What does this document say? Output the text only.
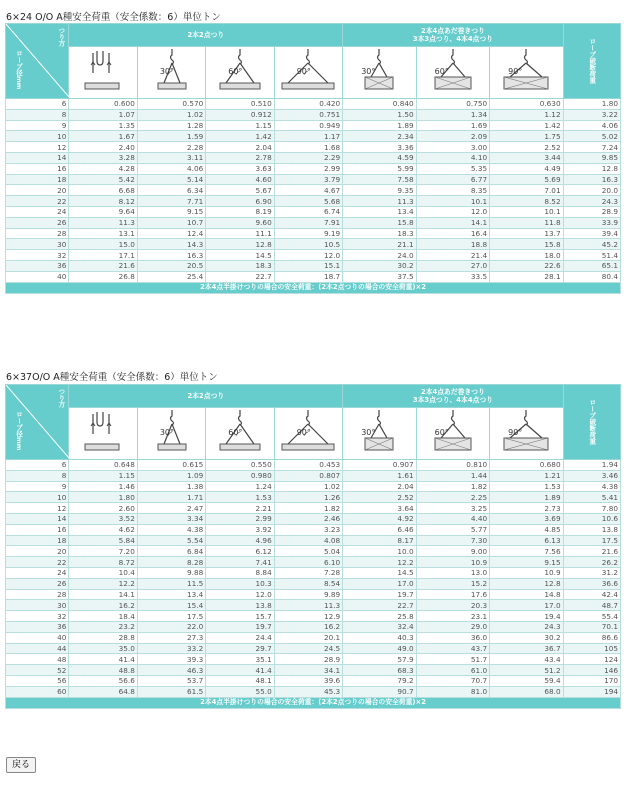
6×24 O/O A種安全荷重（安全係数：6）単位トン
つり方
ロープ径mm	2本2点つり				2本4点あだ巻きつり
3本3点つり、4本4点つり			ロープ破断荷重

30°	60°	90°	30°	60°	90°	

6	0.600	0.570	0.510	0.420	0.840	0.750	0.630	1.80
8	1.07	1.02	0.912	0.751	1.50	1.34	1.12	3.22
9	1.35	1.28	1.15	0.949	1.89	1.69	1.42	4.06
10	1.67	1.59	1.42	1.17	2.34	2.09	1.75	5.02
12	2.40	2.28	2.04	1.68	3.36	3.00	2.52	7.24
14	3.28	3.11	2.78	2.29	4.59	4.10	3.44	9.85
16	4.28	4.06	3.63	2.99	5.99	5.35	4.49	12.8
18	5.42	5.14	4.60	3.79	7.58	6.77	5.69	16.3
20	6.68	6.34	5.67	4.67	9.35	8.35	7.01	20.0
22	8.12	7.71	6.90	5.68	11.3	10.1	8.52	24.3
24	9.64	9.15	8.19	6.74	13.4	12.0	10.1	28.9
26	11.3	10.7	9.60	7.91	15.8	14.1	11.8	33.9
28	13.1	12.4	11.1	9.19	18.3	16.4	13.7	39.4
30	15.0	14.3	12.8	10.5	21.1	18.8	15.8	45.2
32	17.1	16.3	14.5	12.0	24.0	21.4	18.0	51.4
36	21.6	20.5	18.3	15.1	30.2	27.0	22.6	65.1
40	26.8	25.4	22.7	18.7	37.5	33.5	28.1	80.4
2本4点半掛けつりの場合の安全荷重：(2本2点つりの場合の安全荷重)×2								
6×37O/O A種安全荷重（安全係数：6）単位トン
つり方
ロープ径mm	2本2点つり				2本4点あだ巻きつり
3本3点つり、4本4点つり			ロープ破断荷重

30°	60°	90°	30°	60°	90°	

6	0.648	0.615	0.550	0.453	0.907	0.810	0.680	1.94
8	1.15	1.09	0.980	0.807	1.61	1.44	1.21	3.46
9	1.46	1.38	1.24	1.02	2.04	1.82	1.53	4.38
10	1.80	1.71	1.53	1.26	2.52	2.25	1.89	5.41
12	2.60	2.47	2.21	1.82	3.64	3.25	2.73	7.80
14	3.52	3.34	2.99	2.46	4.92	4.40	3.69	10.6
16	4.62	4.38	3.92	3.23	6.46	5.77	4.85	13.8
18	5.84	5.54	4.96	4.08	8.17	7.30	6.13	17.5
20	7.20	6.84	6.12	5.04	10.0	9.00	7.56	21.6
22	8.72	8.28	7.41	6.10	12.2	10.9	9.15	26.2
24	10.4	9.88	8.84	7.28	14.5	13.0	10.9	31.2
26	12.2	11.5	10.3	8.54	17.0	15.2	12.8	36.6
28	14.1	13.4	12.0	9.89	19.7	17.6	14.8	42.4
30	16.2	15.4	13.8	11.3	22.7	20.3	17.0	48.7
32	18.4	17.5	15.7	12.9	25.8	23.1	19.4	55.4
36	23.2	22.0	19.7	16.2	32.4	29.0	24.3	70.1
40	28.8	27.3	24.4	20.1	40.3	36.0	30.2	86.6
44	35.0	33.2	29.7	24.5	49.0	43.7	36.7	105
48	41.4	39.3	35.1	28.9	57.9	51.7	43.4	124
52	48.8	46.3	41.4	34.1	68.3	61.0	51.2	146
56	56.6	53.7	48.1	39.6	79.2	70.7	59.4	170
60	64.8	61.5	55.0	45.3	90.7	81.0	68.0	194
2本4点半掛けつりの場合の安全荷重：(2本2点つりの場合の安全荷重)×2								
戻る
